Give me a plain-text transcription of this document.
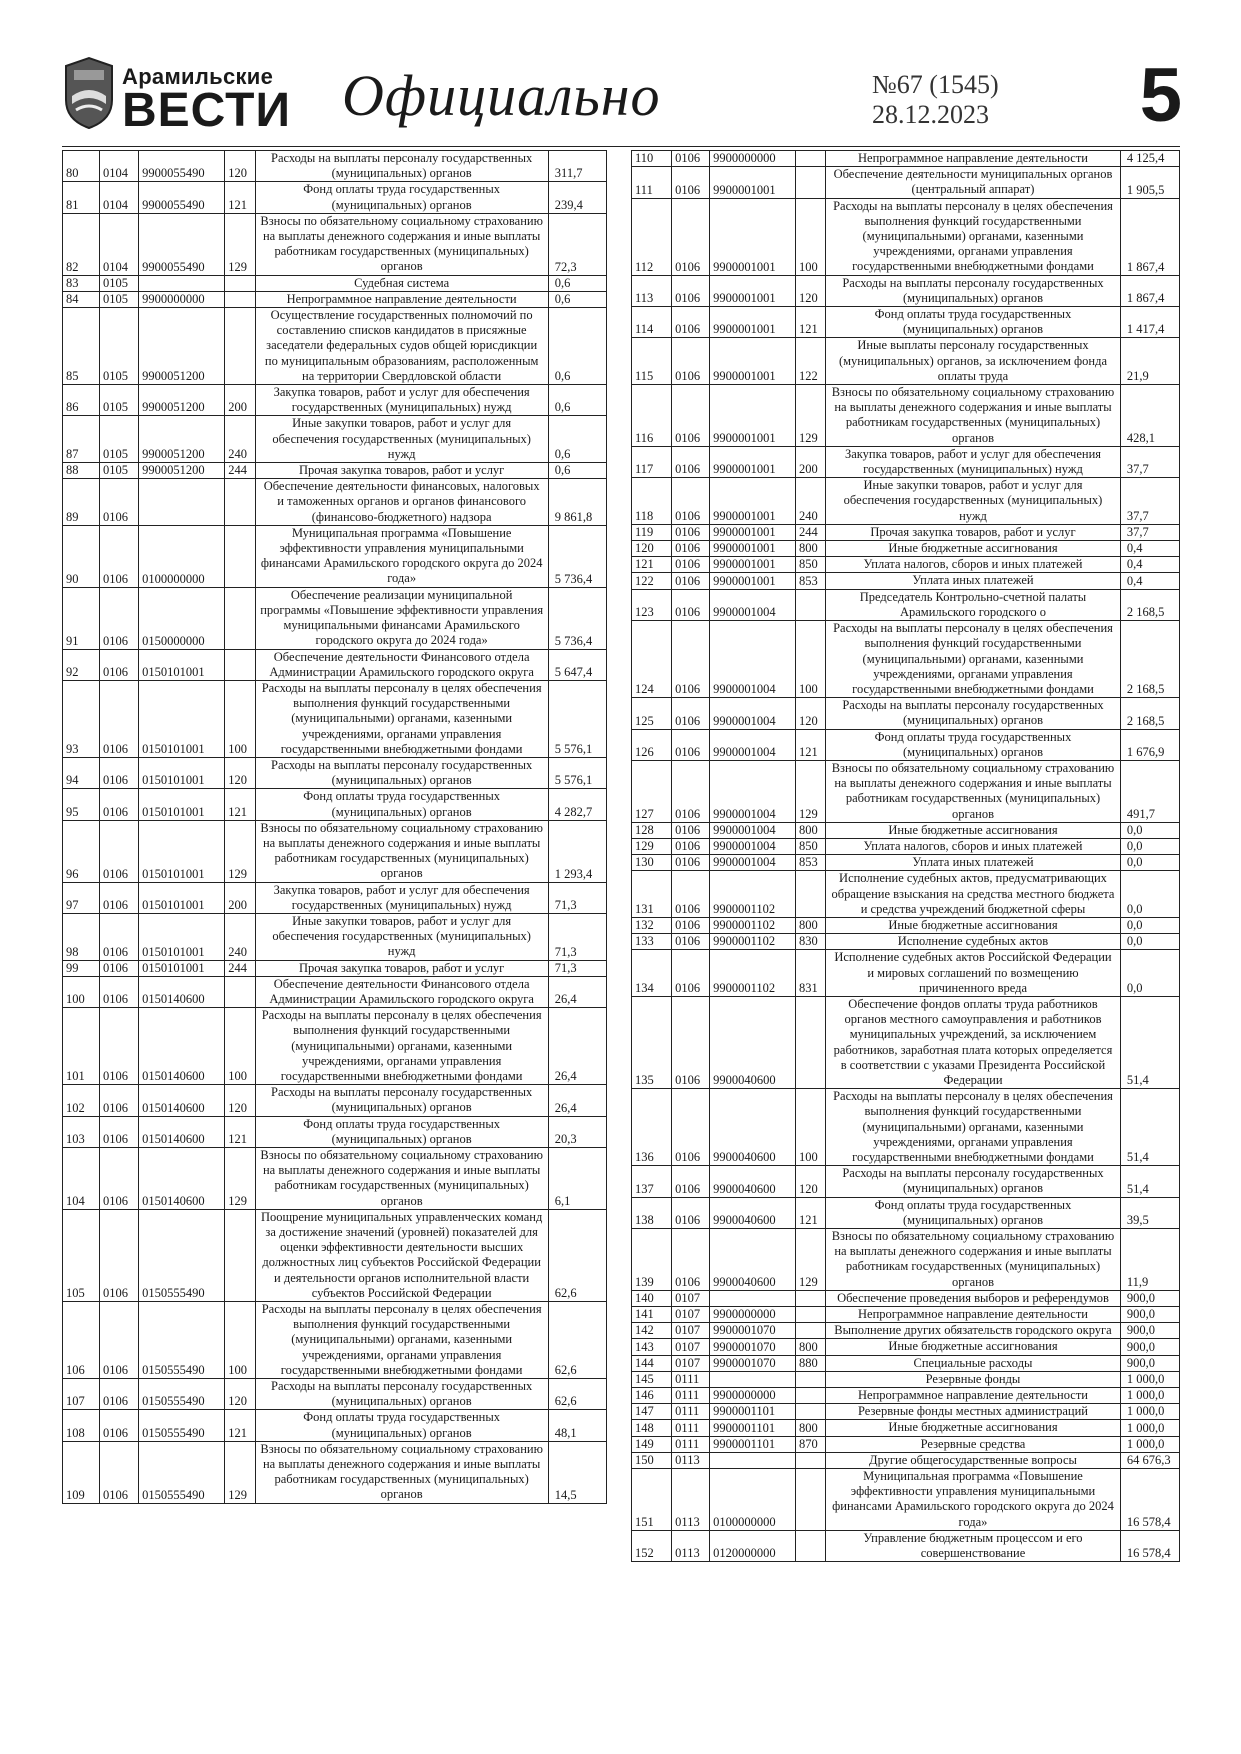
Арамильские
ВЕСТИ Официально	№67 (1545)
28.12.2023 5
80	0104	9900055490	120	Расходы на выплаты персоналу государственных (муниципальных) органов	311,7
81	0104	9900055490	121	Фонд оплаты труда государственных (муниципальных) органов	239,4
82	0104	9900055490	129	Взносы по обязательному социальному страхованию на выплаты денежного содержания и иные выплаты работникам государственных (муниципальных) органов	72,3
83	0105			Судебная система	0,6
84	0105	9900000000		Непрограммное направление деятельности	0,6
85	0105	9900051200		Осуществление государственных полномочий по составлению списков кандидатов в присяжные заседатели федеральных судов общей юрисдикции по муниципальным образованиям, расположенным на территории Свердловской области	0,6
86	0105	9900051200	200	Закупка товаров, работ и услуг для обеспечения государственных (муниципальных) нужд	0,6
87	0105	9900051200	240	Иные закупки товаров, работ и услуг для обеспечения государственных (муниципальных) нужд	0,6
88	0105	9900051200	244	Прочая закупка товаров, работ и услуг	0,6
89	0106			Обеспечение деятельности финансовых, налоговых и таможенных органов и органов финансового (финансово-бюджетного) надзора	9 861,8
90	0106	0100000000		Муниципальная программа «Повышение эффективности управления муниципальными финансами Арамильского городского округа до 2024 года»	5 736,4
91	0106	0150000000		Обеспечение реализации муниципальной программы «Повышение эффективности управления муниципальными финансами Арамильского городского округа до 2024 года»	5 736,4
92	0106	0150101001		Обеспечение деятельности Финансового отдела Администрации Арамильского городского округа	5 647,4
93	0106	0150101001	100	Расходы на выплаты персоналу в целях обеспечения выполнения функций государственными (муниципальными) органами, казенными учреждениями, органами управления государственными внебюджетными фондами	5 576,1
94	0106	0150101001	120	Расходы на выплаты персоналу государственных (муниципальных) органов	5 576,1
95	0106	0150101001	121	Фонд оплаты труда государственных (муниципальных) органов	4 282,7
96	0106	0150101001	129	Взносы по обязательному социальному страхованию на выплаты денежного содержания и иные выплаты работникам государственных (муниципальных) органов	1 293,4
97	0106	0150101001	200	Закупка товаров, работ и услуг для обеспечения государственных (муниципальных) нужд	71,3
98	0106	0150101001	240	Иные закупки товаров, работ и услуг для обеспечения государственных (муниципальных) нужд	71,3
99	0106	0150101001	244	Прочая закупка товаров, работ и услуг	71,3
100	0106	0150140600		Обеспечение деятельности Финансового отдела Администрации Арамильского городского округа	26,4
101	0106	0150140600	100	Расходы на выплаты персоналу в целях обеспечения выполнения функций государственными (муниципальными) органами, казенными учреждениями, органами управления государственными внебюджетными фондами	26,4
102	0106	0150140600	120	Расходы на выплаты персоналу государственных (муниципальных) органов	26,4
103	0106	0150140600	121	Фонд оплаты труда государственных (муниципальных) органов	20,3
104	0106	0150140600	129	Взносы по обязательному социальному страхованию на выплаты денежного содержания и иные выплаты работникам государственных (муниципальных) органов	6,1
105	0106	0150555490		Поощрение муниципальных управленческих команд за достижение значений (уровней) показателей для оценки эффективности деятельности высших должностных лиц субъектов Российской Федерации и деятельности органов исполнительной власти субъектов Российской Федерации	62,6
106	0106	0150555490	100	Расходы на выплаты персоналу в целях обеспечения выполнения функций государственными (муниципальными) органами, казенными учреждениями, органами управления государственными внебюджетными фондами	62,6
107	0106	0150555490	120	Расходы на выплаты персоналу государственных (муниципальных) органов	62,6
108	0106	0150555490	121	Фонд оплаты труда государственных (муниципальных) органов	48,1
109	0106	0150555490	129	Взносы по обязательному социальному страхованию на выплаты денежного содержания и иные выплаты работникам государственных (муниципальных) органов	14,5
110	0106	9900000000		Непрограммное направление деятельности	4 125,4
111	0106	9900001001		Обеспечение деятельности муниципальных органов (центральный аппарат)	1 905,5
112	0106	9900001001	100	Расходы на выплаты персоналу в целях обеспечения выполнения функций государственными (муниципальными) органами, казенными учреждениями, органами управления государственными внебюджетными фондами	1 867,4
113	0106	9900001001	120	Расходы на выплаты персоналу государственных (муниципальных) органов	1 867,4
114	0106	9900001001	121	Фонд оплаты труда государственных (муниципальных) органов	1 417,4
115	0106	9900001001	122	Иные выплаты персоналу государственных (муниципальных) органов, за исключением фонда оплаты труда	21,9
116	0106	9900001001	129	Взносы по обязательному социальному страхованию на выплаты денежного содержания и иные выплаты работникам государственных (муниципальных) органов	428,1
117	0106	9900001001	200	Закупка товаров, работ и услуг для обеспечения государственных (муниципальных) нужд	37,7
118	0106	9900001001	240	Иные закупки товаров, работ и услуг для обеспечения государственных (муниципальных) нужд	37,7
119	0106	9900001001	244	Прочая закупка товаров, работ и услуг	37,7
120	0106	9900001001	800	Иные бюджетные ассигнования	0,4
121	0106	9900001001	850	Уплата налогов, сборов и иных платежей	0,4
122	0106	9900001001	853	Уплата иных платежей	0,4
123	0106	9900001004		Председатель Контрольно-счетной палаты Арамильского городского о	2 168,5
124	0106	9900001004	100	Расходы на выплаты персоналу в целях обеспечения выполнения функций государственными (муниципальными) органами, казенными учреждениями, органами управления государственными внебюджетными фондами	2 168,5
125	0106	9900001004	120	Расходы на выплаты персоналу государственных (муниципальных) органов	2 168,5
126	0106	9900001004	121	Фонд оплаты труда государственных (муниципальных) органов	1 676,9
127	0106	9900001004	129	Взносы по обязательному социальному страхованию на выплаты денежного содержания и иные выплаты работникам государственных (муниципальных) органов	491,7
128	0106	9900001004	800	Иные бюджетные ассигнования	0,0
129	0106	9900001004	850	Уплата налогов, сборов и иных платежей	0,0
130	0106	9900001004	853	Уплата иных платежей	0,0
131	0106	9900001102		Исполнение судебных актов, предусматривающих обращение взыскания на средства местного бюджета и средства учреждений бюджетной сферы	0,0
132	0106	9900001102	800	Иные бюджетные ассигнования	0,0
133	0106	9900001102	830	Исполнение судебных актов	0,0
134	0106	9900001102	831	Исполнение судебных актов Российской Федерации и мировых соглашений по возмещению причиненного вреда	0,0
135	0106	9900040600		Обеспечение фондов оплаты труда работников органов местного самоуправления и работников муниципальных учреждений, за исключением работников, заработная плата которых определяется в соответствии с указами Президента Российской Федерации	51,4
136	0106	9900040600	100	Расходы на выплаты персоналу в целях обеспечения выполнения функций государственными (муниципальными) органами, казенными учреждениями, органами управления государственными внебюджетными фондами	51,4
137	0106	9900040600	120	Расходы на выплаты персоналу государственных (муниципальных) органов	51,4
138	0106	9900040600	121	Фонд оплаты труда государственных (муниципальных) органов	39,5
139	0106	9900040600	129	Взносы по обязательному социальному страхованию на выплаты денежного содержания и иные выплаты работникам государственных (муниципальных) органов	11,9
140	0107			Обеспечение проведения выборов и референдумов	900,0
141	0107	9900000000		Непрограммное направление деятельности	900,0
142	0107	9900001070		Выполнение других обязательств городского округа	900,0
143	0107	9900001070	800	Иные бюджетные ассигнования	900,0
144	0107	9900001070	880	Специальные расходы	900,0
145	0111			Резервные фонды	1 000,0
146	0111	9900000000		Непрограммное направление деятельности	1 000,0
147	0111	9900001101		Резервные фонды местных администраций	1 000,0
148	0111	9900001101	800	Иные бюджетные ассигнования	1 000,0
149	0111	9900001101	870	Резервные средства	1 000,0
150	0113			Другие общегосударственные вопросы	64 676,3
151	0113	0100000000		Муниципальная программа «Повышение эффективности управления муниципальными финансами Арамильского городского округа до 2024 года»	16 578,4
152	0113	0120000000		Управление бюджетным процессом и его совершенствование	16 578,4
